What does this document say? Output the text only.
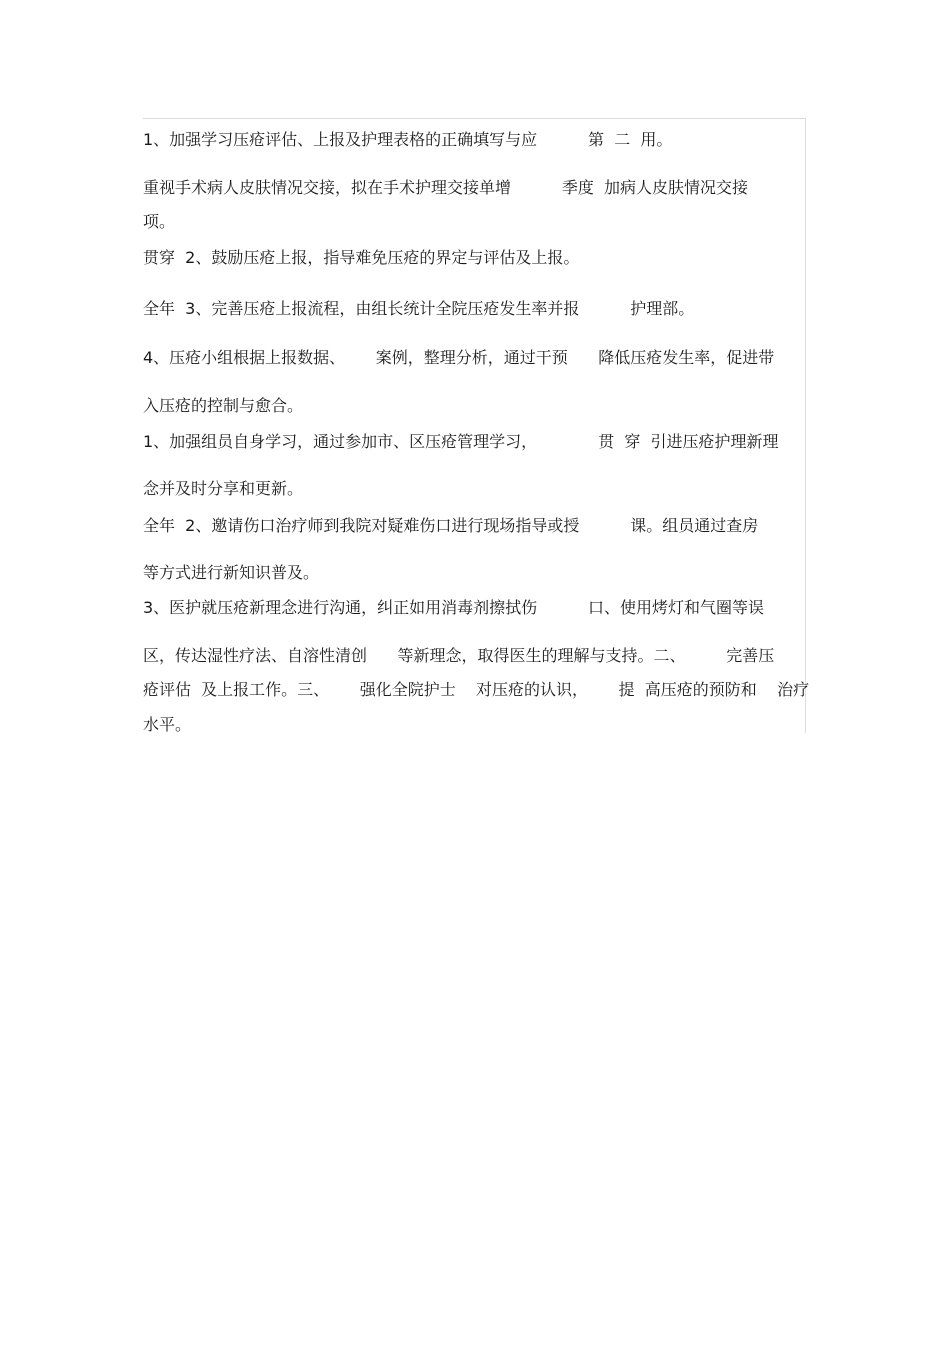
1、加强学习压疮评估、上报及护理表格的正确填写与应          第  二  用。
重视手术病人皮肤情况交接，拟在手术护理交接单增          季度  加病人皮肤情况交接
项。
贯穿  2、鼓励压疮上报，指导难免压疮的界定与评估及上报。
全年  3、完善压疮上报流程，由组长统计全院压疮发生率并报          护理部。
4、压疮小组根据上报数据、      案例，整理分析，通过干预      降低压疮发生率，促进带
入压疮的控制与愈合。
1、加强组员自身学习，通过参加市、区压疮管理学习，            贯  穿  引进压疮护理新理
念并及时分享和更新。
全年  2、邀请伤口治疗师到我院对疑难伤口进行现场指导或授          课。组员通过查房
等方式进行新知识普及。
3、医护就压疮新理念进行沟通，纠正如用消毒剂擦拭伤          口、使用烤灯和气圈等误
区，传达湿性疗法、自溶性清创      等新理念，取得医生的理解与支持。二、        完善压
疮评估  及上报工作。三、      强化全院护士    对压疮的认识，      提  高压疮的预防和    治疗
水平。
